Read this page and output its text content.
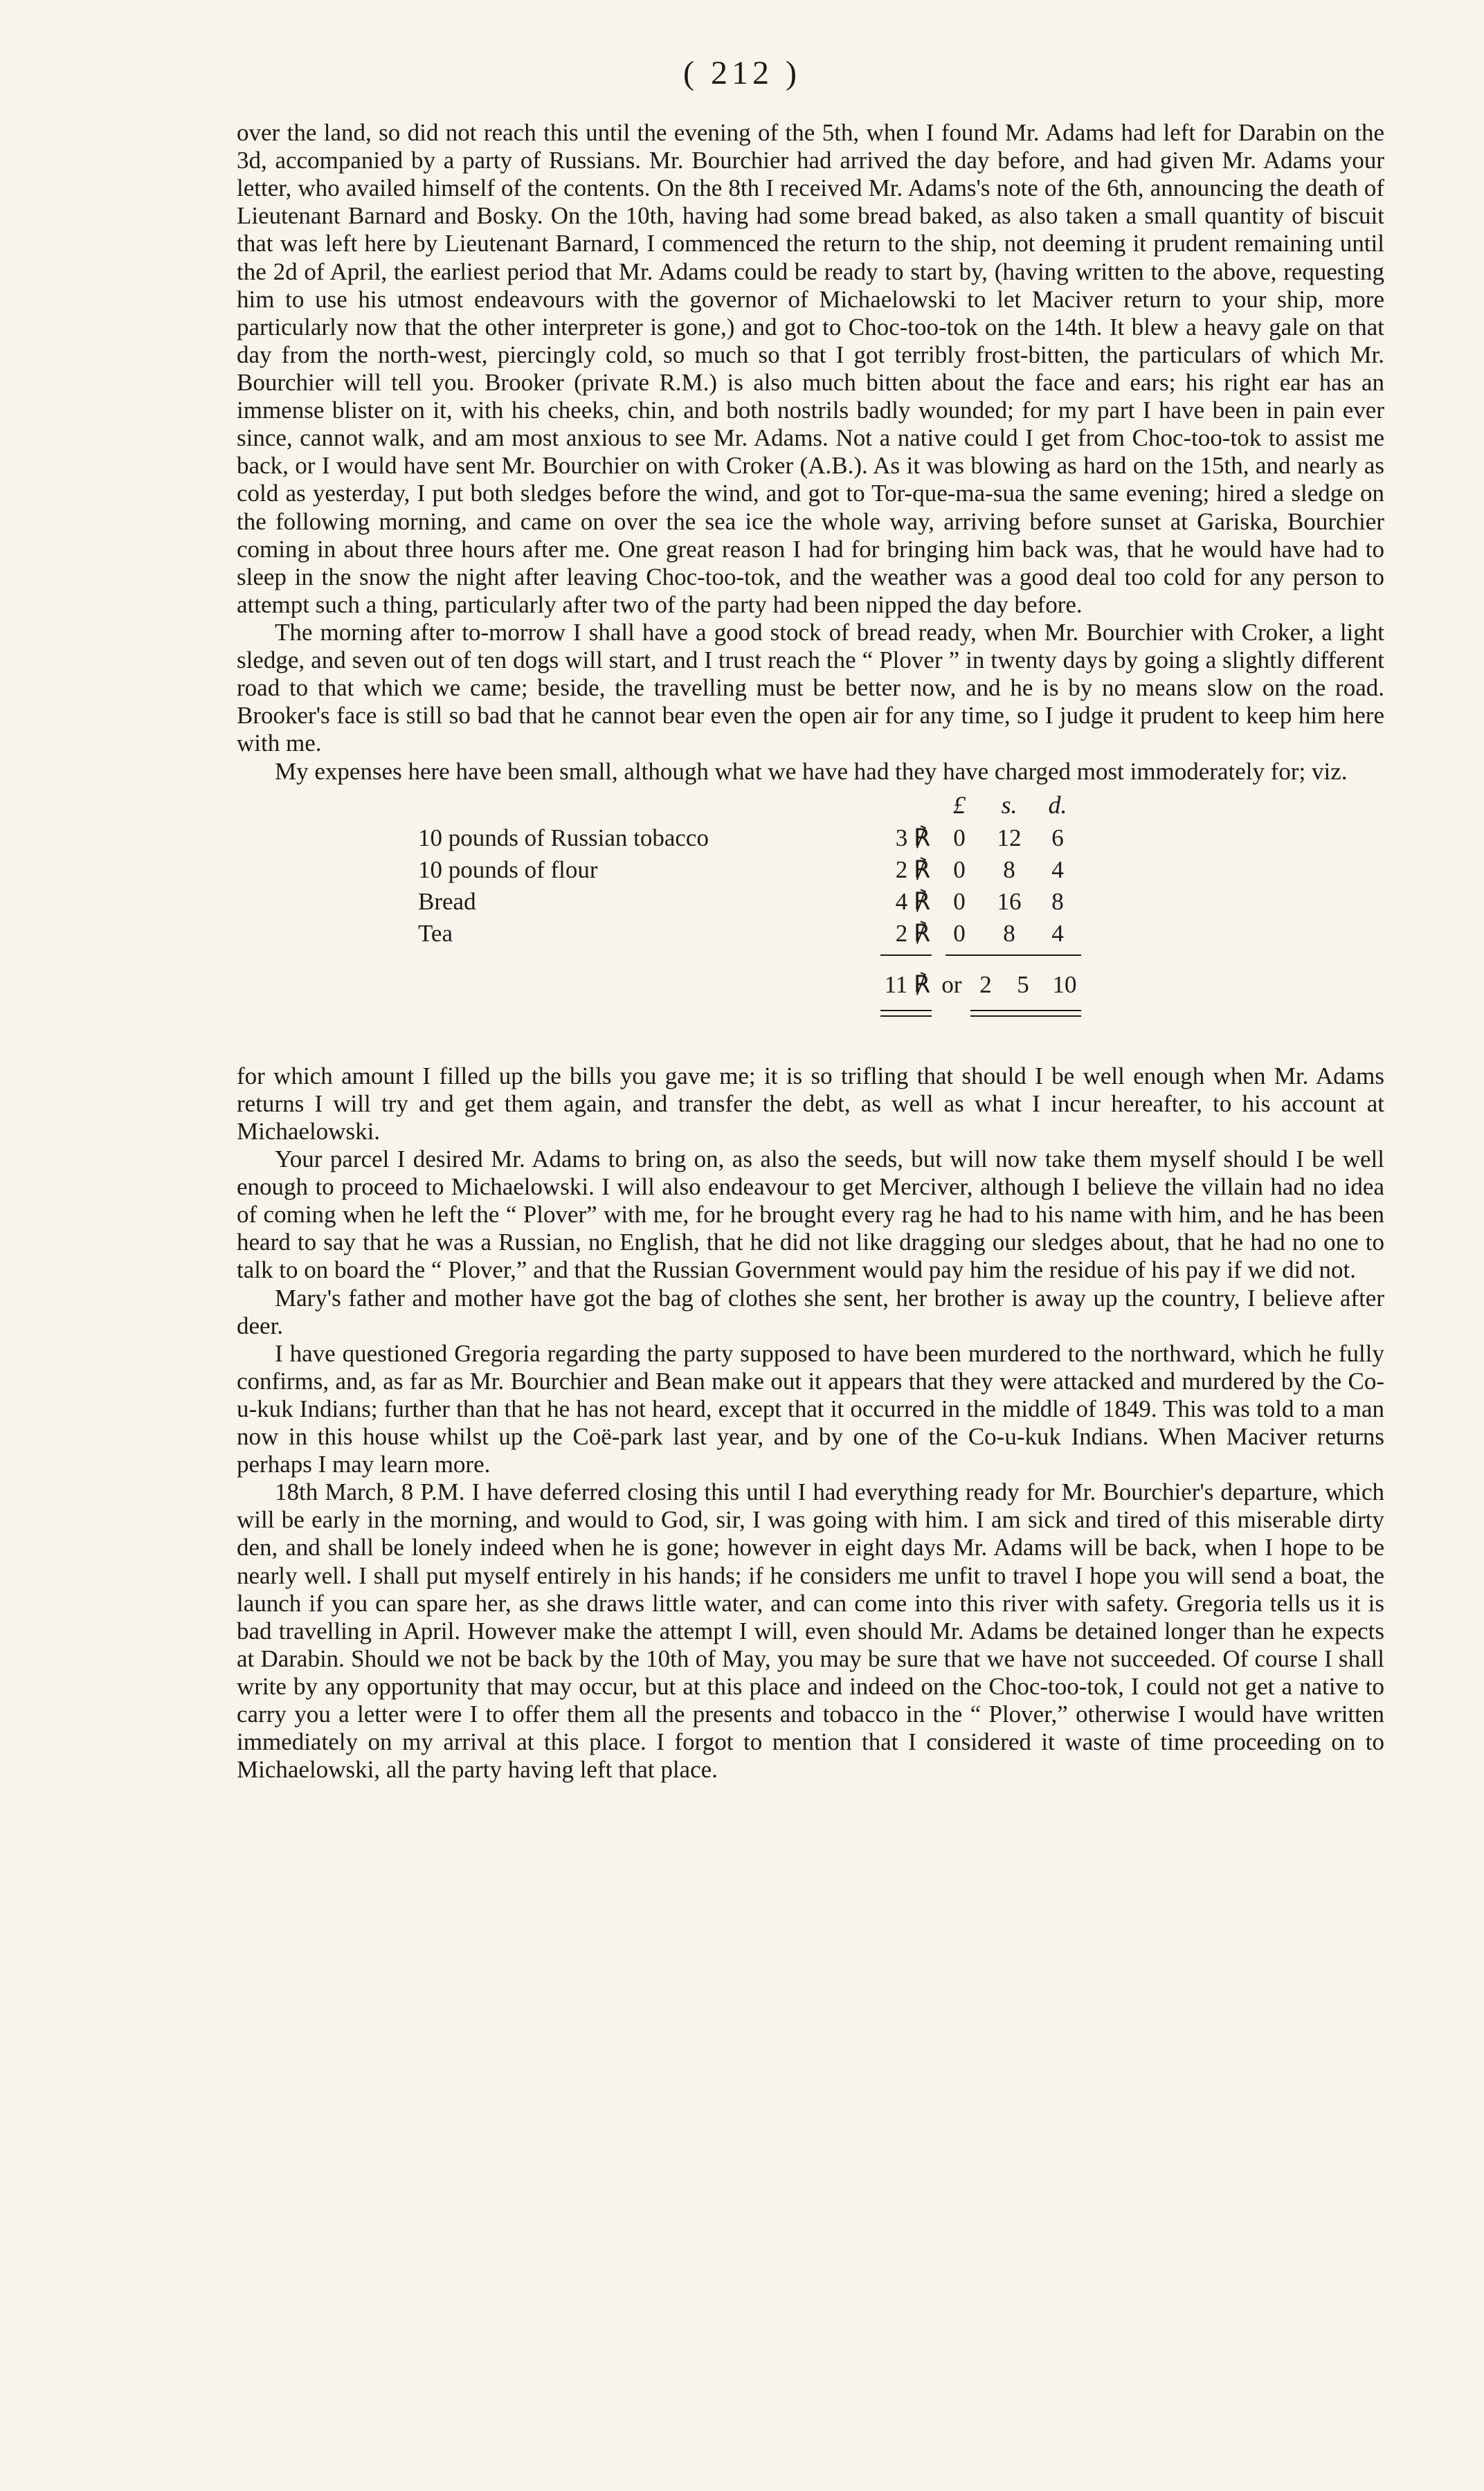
( 212 )

over the land, so did not reach this until the evening of the 5th, when I found Mr. Adams had left for Darabin on the 3d, accompanied by a party of Russians. Mr. Bourchier had arrived the day before, and had given Mr. Adams your letter, who availed himself of the contents. On the 8th I received Mr. Adams's note of the 6th, announcing the death of Lieutenant Barnard and Bosky. On the 10th, having had some bread baked, as also taken a small quantity of biscuit that was left here by Lieutenant Barnard, I commenced the return to the ship, not deeming it prudent remaining until the 2d of April, the earliest period that Mr. Adams could be ready to start by, (having written to the above, requesting him to use his utmost endeavours with the governor of Michaelowski to let Maciver return to your ship, more particularly now that the other interpreter is gone,) and got to Choc-too-tok on the 14th. It blew a heavy gale on that day from the north-west, piercingly cold, so much so that I got terribly frost-bitten, the particulars of which Mr. Bourchier will tell you. Brooker (private R.M.) is also much bitten about the face and ears; his right ear has an immense blister on it, with his cheeks, chin, and both nostrils badly wounded; for my part I have been in pain ever since, cannot walk, and am most anxious to see Mr. Adams. Not a native could I get from Choc-too-tok to assist me back, or I would have sent Mr. Bourchier on with Croker (A.B.). As it was blowing as hard on the 15th, and nearly as cold as yesterday, I put both sledges before the wind, and got to Tor-que-ma-sua the same evening; hired a sledge on the following morning, and came on over the sea ice the whole way, arriving before sunset at Gariska, Bourchier coming in about three hours after me. One great reason I had for bringing him back was, that he would have had to sleep in the snow the night after leaving Choc-too-tok, and the weather was a good deal too cold for any person to attempt such a thing, particularly after two of the party had been nipped the day before.

The morning after to-morrow I shall have a good stock of bread ready, when Mr. Bourchier with Croker, a light sledge, and seven out of ten dogs will start, and I trust reach the “ Plover ” in twenty days by going a slightly different road to that which we came; beside, the travelling must be better now, and he is by no means slow on the road. Brooker's face is still so bad that he cannot bear even the open air for any time, so I judge it prudent to keep him here with me.

My expenses here have been small, although what we have had they have charged most immoderately for; viz.

£	s.	d.
10 pounds of Russian tobacco	3 ℟ 0	12	6
10 pounds of flour	2 ℟ 0	8	4
Bread	4 ℟ 0	16	8
Tea	2 ℟ 0	8	4
11 ℟ or 2	5 10

for which amount I filled up the bills you gave me; it is so trifling that should I be well enough when Mr. Adams returns I will try and get them again, and transfer the debt, as well as what I incur hereafter, to his account at Michaelowski.

Your parcel I desired Mr. Adams to bring on, as also the seeds, but will now take them myself should I be well enough to proceed to Michaelowski. I will also endeavour to get Merciver, although I believe the villain had no idea of coming when he left the “ Plover” with me, for he brought every rag he had to his name with him, and he has been heard to say that he was a Russian, no English, that he did not like dragging our sledges about, that he had no one to talk to on board the “ Plover,” and that the Russian Government would pay him the residue of his pay if we did not.

Mary's father and mother have got the bag of clothes she sent, her brother is away up the country, I believe after deer.

I have questioned Gregoria regarding the party supposed to have been murdered to the northward, which he fully confirms, and, as far as Mr. Bourchier and Bean make out it appears that they were attacked and murdered by the Co-u-kuk Indians; further than that he has not heard, except that it occurred in the middle of 1849. This was told to a man now in this house whilst up the Coë-park last year, and by one of the Co-u-kuk Indians. When Maciver returns perhaps I may learn more.

18th March, 8 P.M. I have deferred closing this until I had everything ready for Mr. Bourchier's departure, which will be early in the morning, and would to God, sir, I was going with him. I am sick and tired of this miserable dirty den, and shall be lonely indeed when he is gone; however in eight days Mr. Adams will be back, when I hope to be nearly well. I shall put myself entirely in his hands; if he considers me unfit to travel I hope you will send a boat, the launch if you can spare her, as she draws little water, and can come into this river with safety. Gregoria tells us it is bad travelling in April. However make the attempt I will, even should Mr. Adams be detained longer than he expects at Darabin. Should we not be back by the 10th of May, you may be sure that we have not succeeded. Of course I shall write by any opportunity that may occur, but at this place and indeed on the Choc-too-tok, I could not get a native to carry you a letter were I to offer them all the presents and tobacco in the “ Plover,” otherwise I would have written immediately on my arrival at this place. I forgot to mention that I considered it waste of time proceeding on to Michaelowski, all the party having left that place.
